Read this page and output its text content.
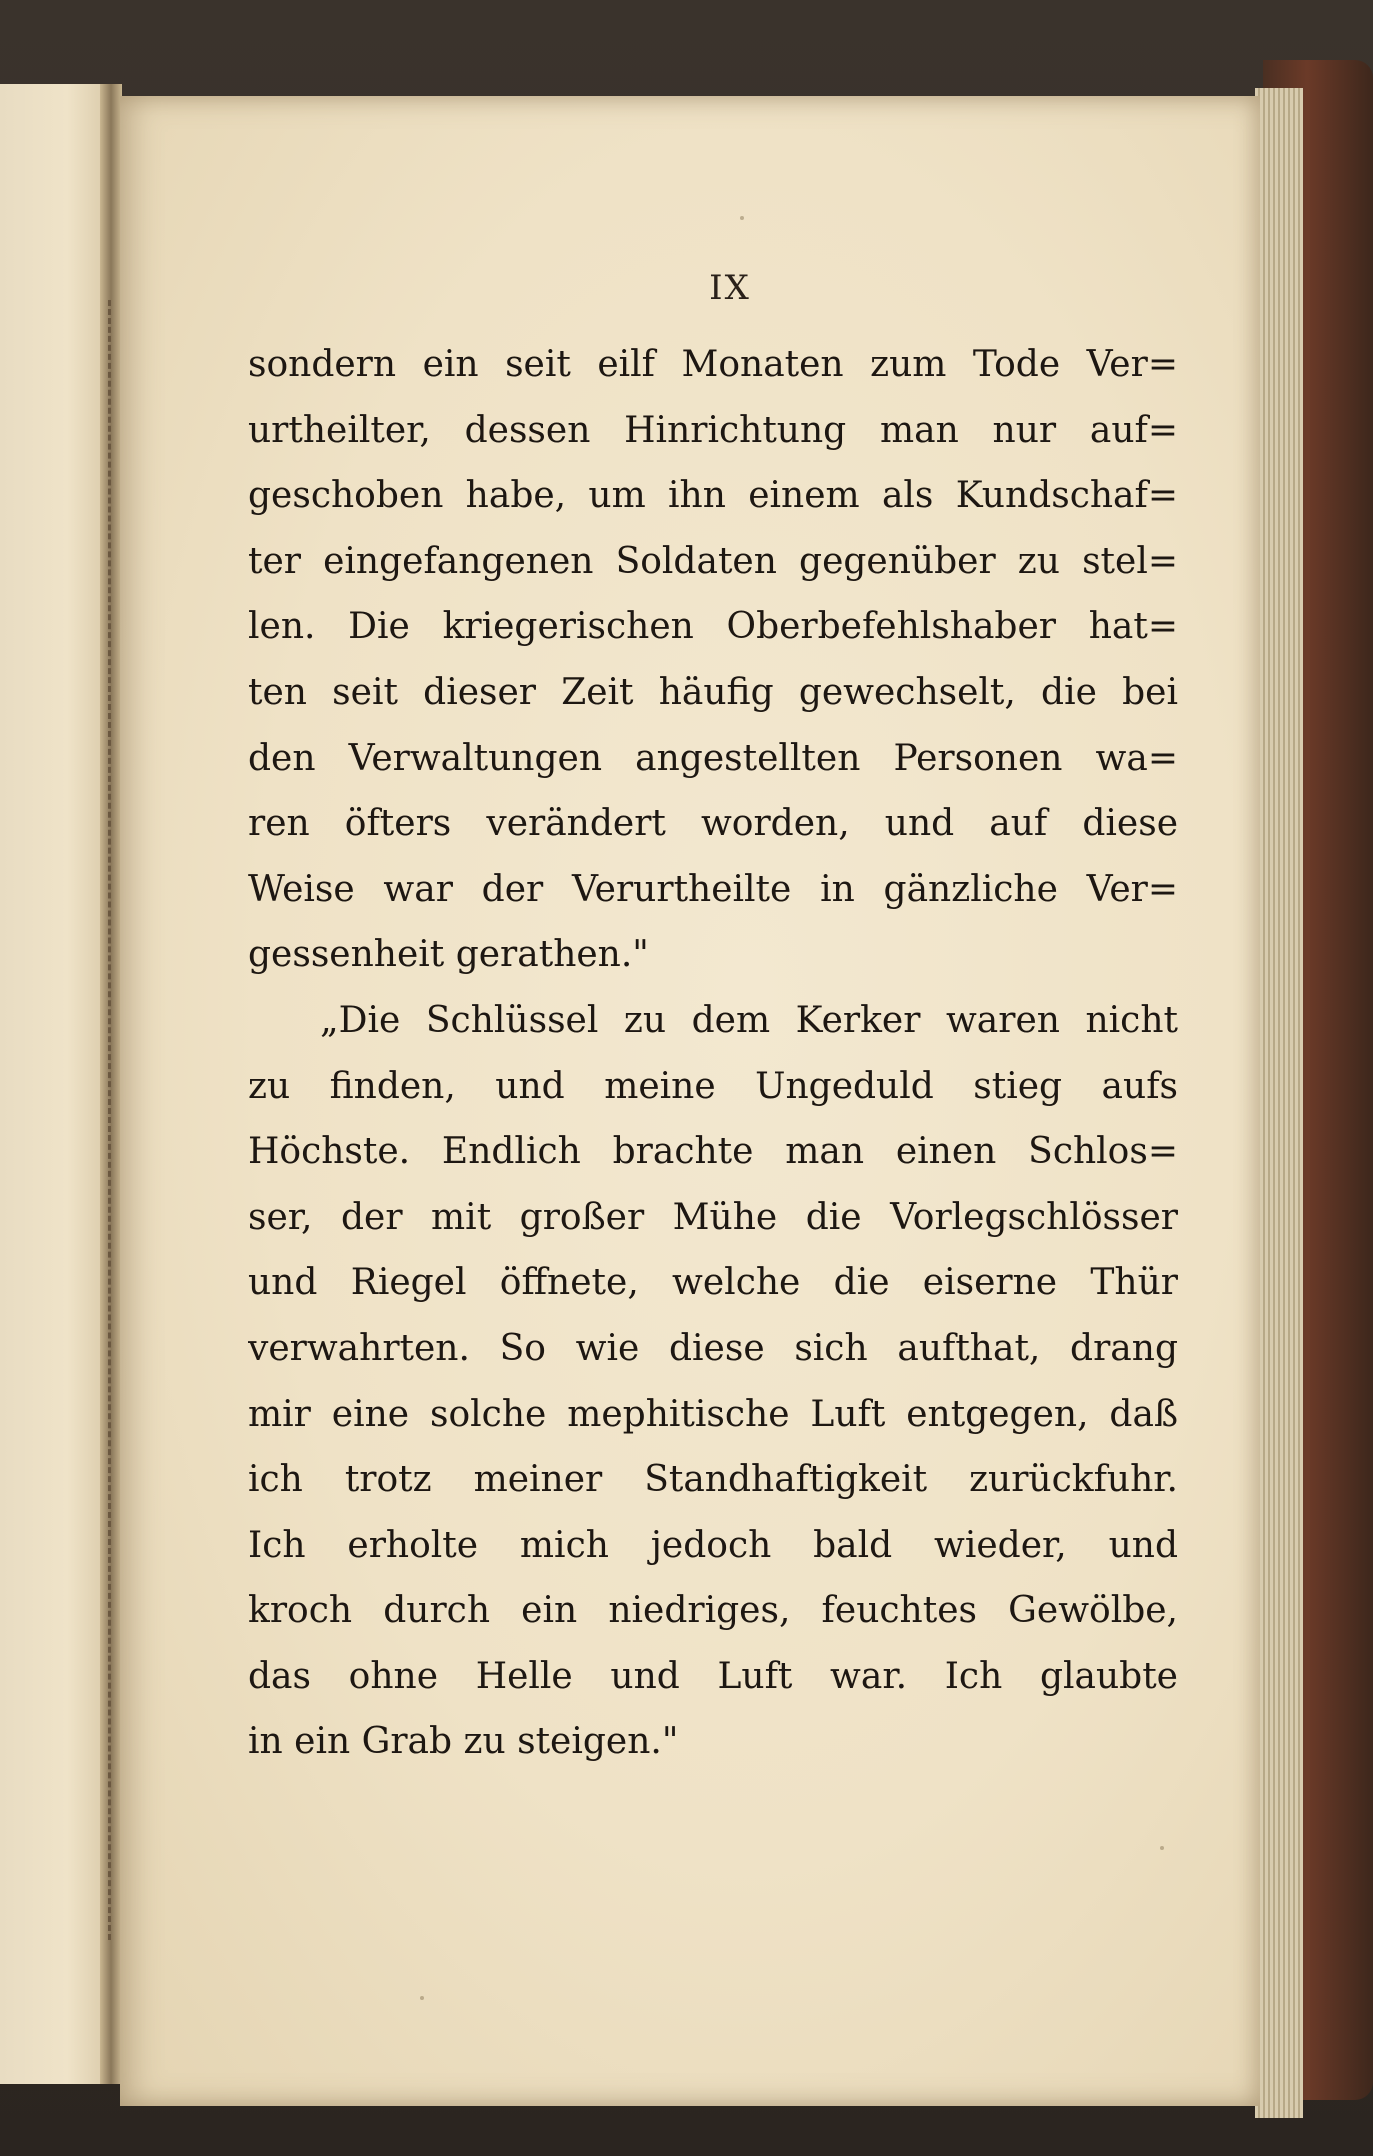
IX
sondern ein seit eilf Monaten zum Tode Ver=
urtheilter, dessen Hinrichtung man nur auf=
geschoben habe, um ihn einem als Kundschaf=
ter eingefangenen Soldaten gegenüber zu stel=
len. Die kriegerischen Oberbefehlshaber hat=
ten seit dieser Zeit häufig gewechselt, die bei
den Verwaltungen angestellten Personen wa=
ren öfters verändert worden, und auf diese
Weise war der Verurtheilte in gänzliche Ver=
gessenheit gerathen."
„Die Schlüssel zu dem Kerker waren nicht
zu finden, und meine Ungeduld stieg aufs
Höchste. Endlich brachte man einen Schlos=
ser, der mit großer Mühe die Vorlegschlösser
und Riegel öffnete, welche die eiserne Thür
verwahrten. So wie diese sich aufthat, drang
mir eine solche mephitische Luft entgegen, daß
ich trotz meiner Standhaftigkeit zurückfuhr.
Ich erholte mich jedoch bald wieder, und
kroch durch ein niedriges, feuchtes Gewölbe,
das ohne Helle und Luft war. Ich glaubte
in ein Grab zu steigen."
